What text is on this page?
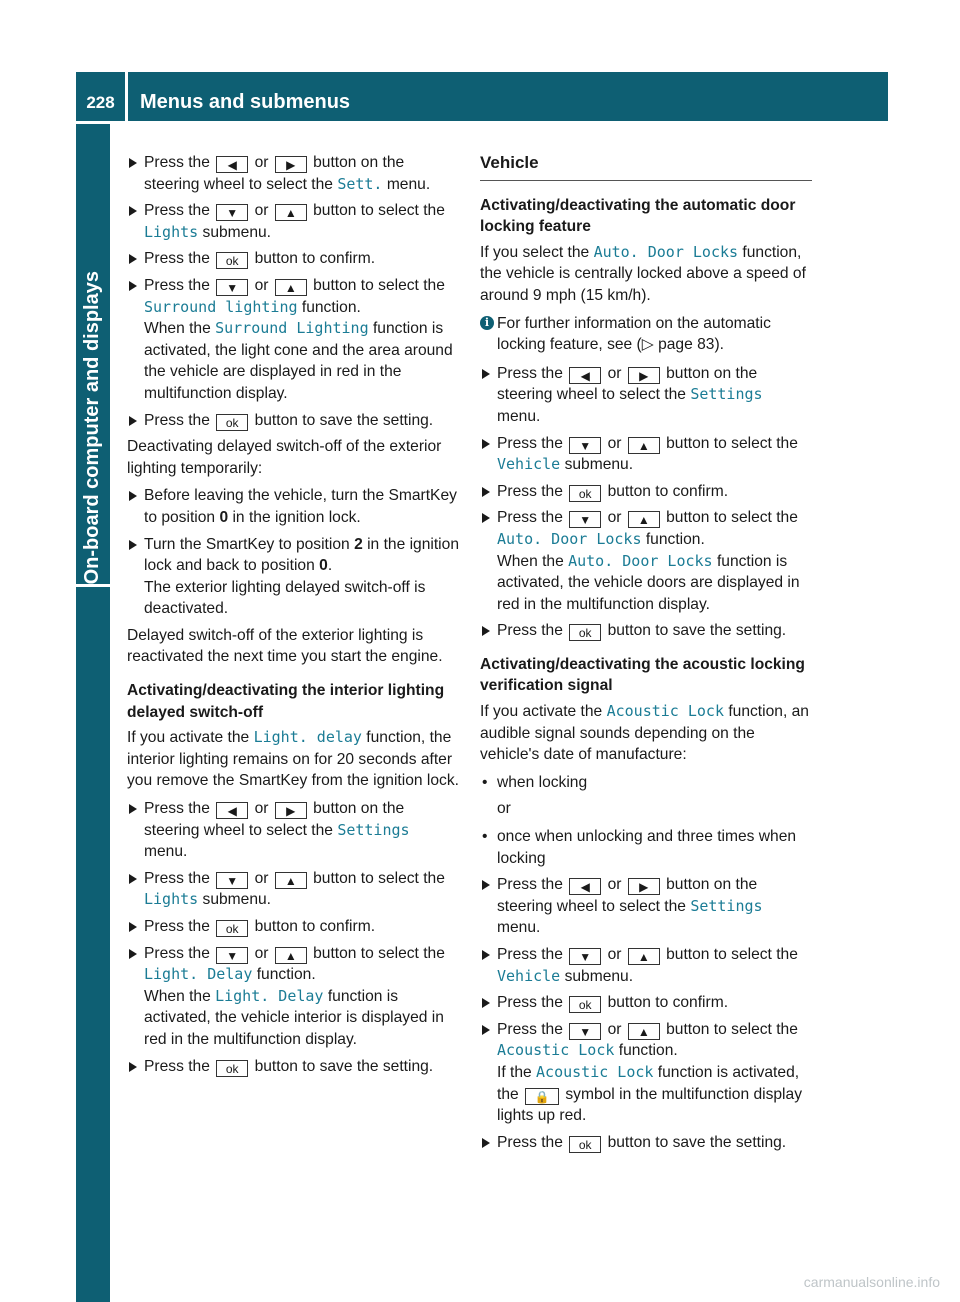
228	Menus and submenus
On-board computer and displays

Press the ◀ or ▶ button on the steering wheel to select the Sett. menu.

Press the ▼ or ▲ button to select the Lights submenu.

Press the ok button to confirm.

Press the ▼ or ▲ button to select the Surround lighting function.
When the Surround Lighting function is activated, the light cone and the area around the vehicle are displayed in red in the multifunction display.

Press the ok button to save the setting.

Deactivating delayed switch-off of the exterior lighting temporarily:

Before leaving the vehicle, turn the SmartKey to position 0 in the ignition lock.

Turn the SmartKey to position 2 in the ignition lock and back to position 0.
The exterior lighting delayed switch-off is deactivated.

Delayed switch-off of the exterior lighting is reactivated the next time you start the engine.

Activating/deactivating the interior lighting delayed switch-off

If you activate the Light. delay function, the interior lighting remains on for 20 seconds after you remove the SmartKey from the ignition lock.

Press the ◀ or ▶ button on the steering wheel to select the Settings
menu.

Press the ▼ or ▲ button to select the Lights submenu.

Press the ok button to confirm.

Press the ▼ or ▲ button to select the Light. Delay function.
When the Light. Delay function is activated, the vehicle interior is displayed in red in the multifunction display.

Press the ok button to save the setting.

Vehicle

Activating/deactivating the automatic door locking feature

If you select the Auto. Door Locks function, the vehicle is centrally locked above a speed of around 9 mph (15 km/h).

i For further information on the automatic locking feature, see (▷ page 83).

Press the ◀ or ▶ button on the steering wheel to select the Settings
menu.

Press the ▼ or ▲ button to select the Vehicle submenu.

Press the ok button to confirm.

Press the ▼ or ▲ button to select the Auto. Door Locks function.
When the Auto. Door Locks function is activated, the vehicle doors are displayed in red in the multifunction display.

Press the ok button to save the setting.

Activating/deactivating the acoustic locking verification signal

If you activate the Acoustic Lock function, an audible signal sounds depending on the vehicle's date of manufacture:

• when locking

or

• once when unlocking and three times when locking

Press the ◀ or ▶ button on the steering wheel to select the Settings
menu.

Press the ▼ or ▲ button to select the Vehicle submenu.

Press the ok button to confirm.

Press the ▼ or ▲ button to select the Acoustic Lock function.
If the Acoustic Lock function is activated, the 🔒 symbol in the multifunction display lights up red.

Press the ok button to save the setting.

carmanualsonline.info
